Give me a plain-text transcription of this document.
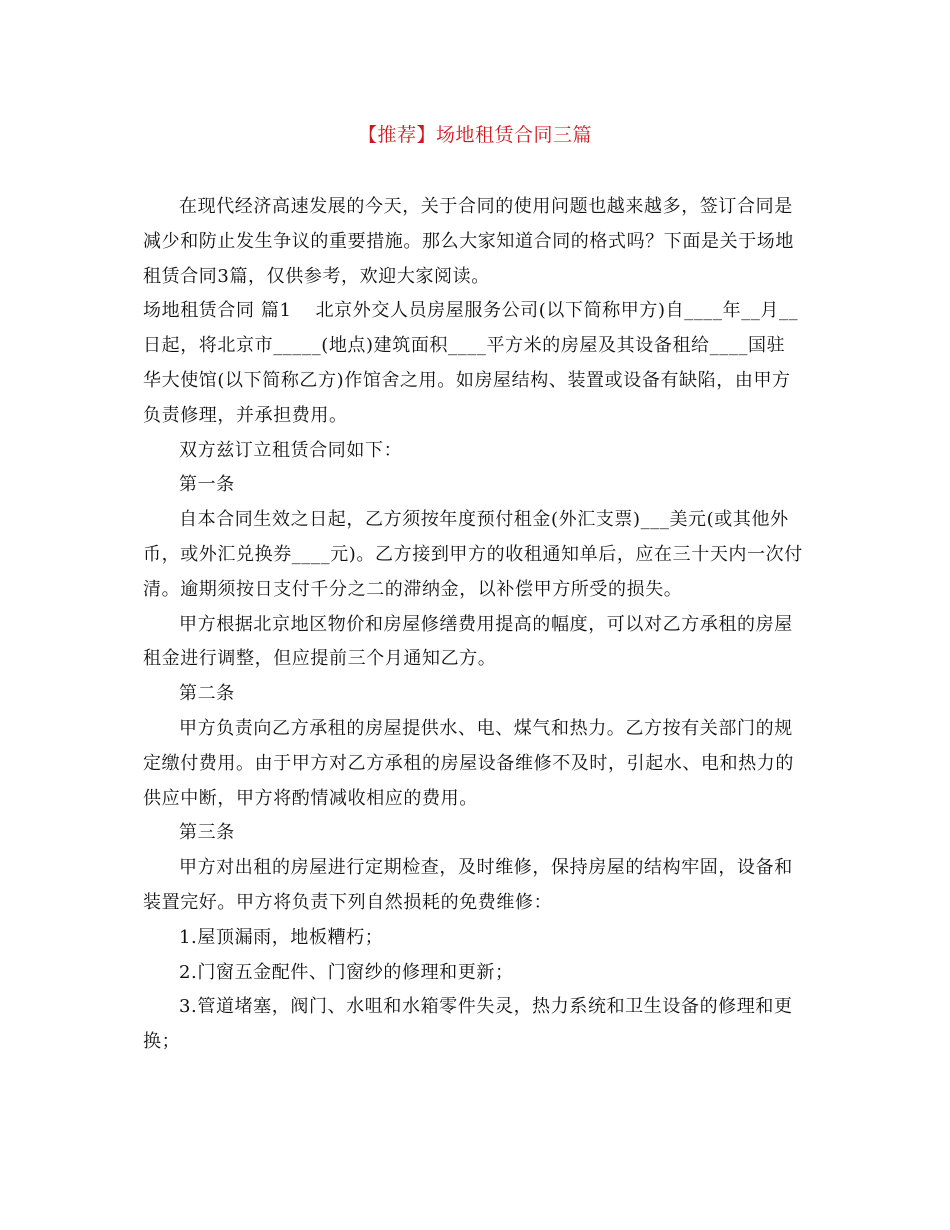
【推荐】场地租赁合同三篇

在现代经济高速发展的今天，关于合同的使用问题也越来越多，签订合同是减少和防止发生争议的重要措施。那么大家知道合同的格式吗？下面是关于场地租赁合同3篇，仅供参考，欢迎大家阅读。

场地租赁合同 篇1 北京外交人员房屋服务公司(以下简称甲方)自____年__月__日起，将北京市_____(地点)建筑面积____平方米的房屋及其设备租给____国驻华大使馆(以下简称乙方)作馆舍之用。如房屋结构、装置或设备有缺陷，由甲方负责修理，并承担费用。

双方兹订立租赁合同如下：

第一条

自本合同生效之日起，乙方须按年度预付租金(外汇支票)___美元(或其他外币，或外汇兑换券____元)。乙方接到甲方的收租通知单后，应在三十天内一次付清。逾期须按日支付千分之二的滞纳金，以补偿甲方所受的损失。

甲方根据北京地区物价和房屋修缮费用提高的幅度，可以对乙方承租的房屋租金进行调整，但应提前三个月通知乙方。

第二条

甲方负责向乙方承租的房屋提供水、电、煤气和热力。乙方按有关部门的规定缴付费用。由于甲方对乙方承租的房屋设备维修不及时，引起水、电和热力的供应中断，甲方将酌情减收相应的费用。

第三条

甲方对出租的房屋进行定期检查，及时维修，保持房屋的结构牢固，设备和装置完好。甲方将负责下列自然损耗的免费维修：

1.屋顶漏雨，地板糟朽；

2.门窗五金配件、门窗纱的修理和更新；

3.管道堵塞，阀门、水咀和水箱零件失灵，热力系统和卫生设备的修理和更换；
